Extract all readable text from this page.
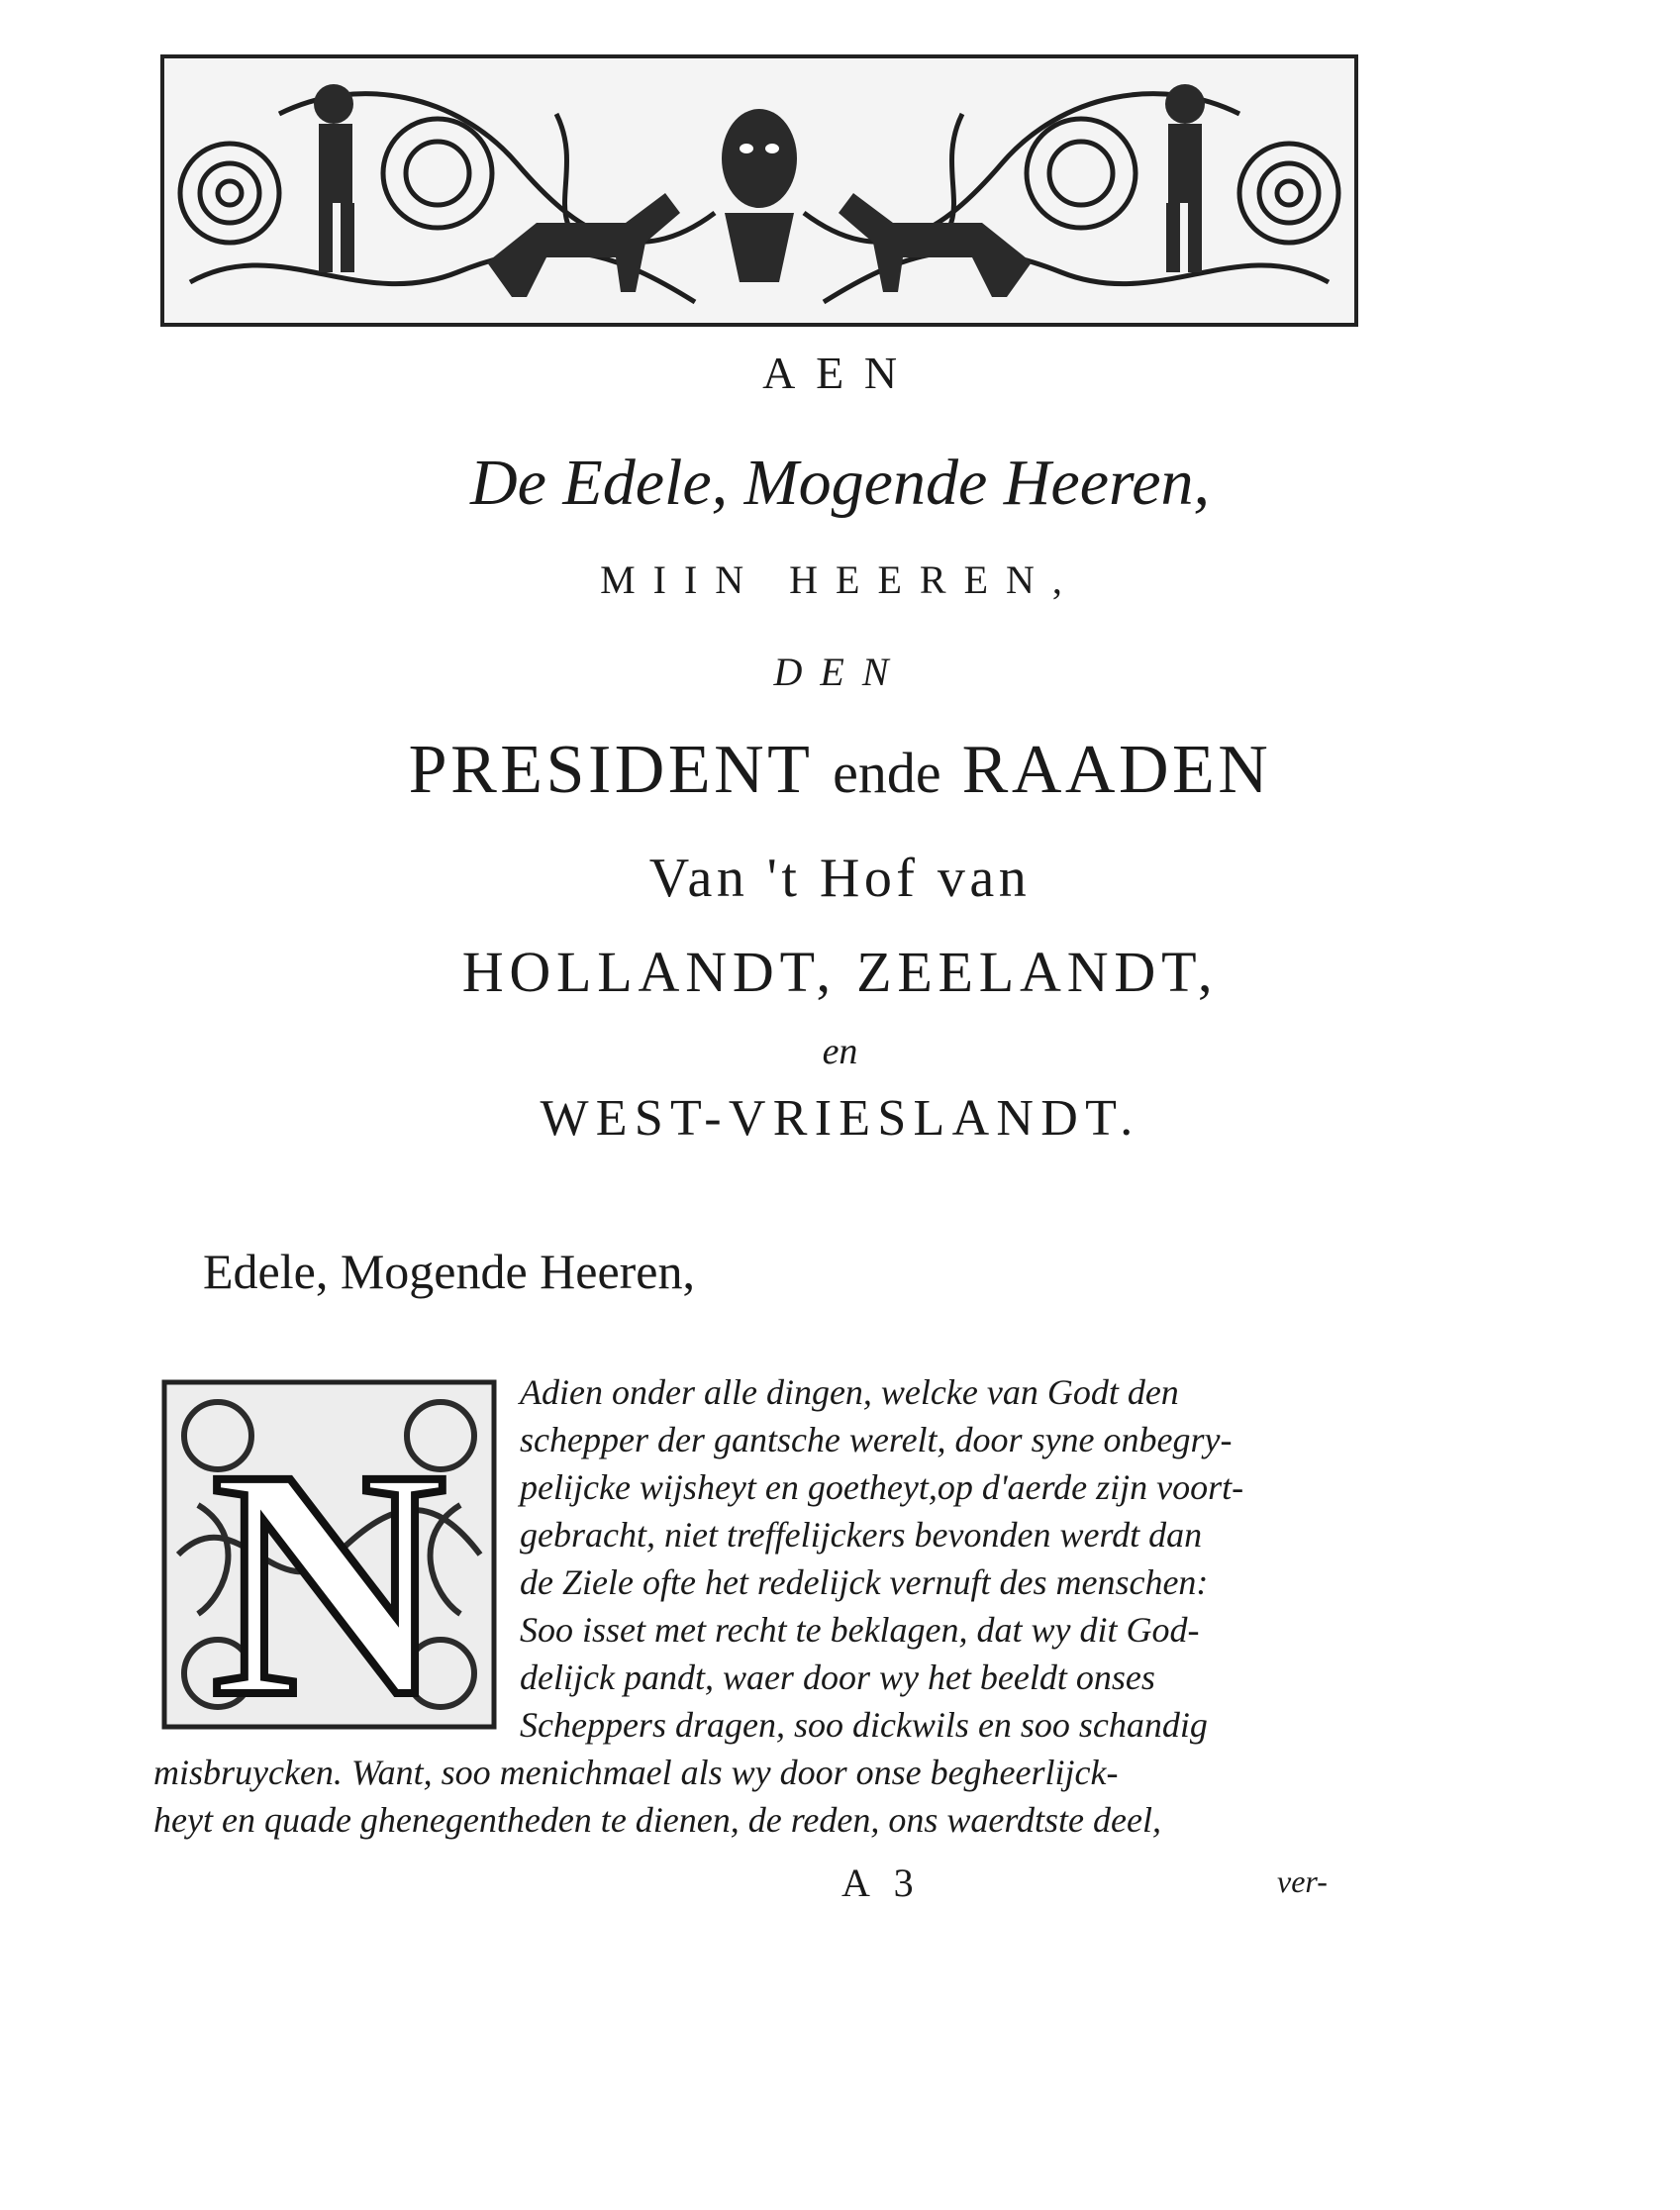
AEN
De Edele, Mogende Heeren,
MIIN HEEREN,
DEN
PRESIDENT ende RAADEN
Van 't Hof van
HOLLANDT, ZEELANDT,
en
WEST-VRIESLANDT.
Edele, Mogende Heeren,
N
Adien onder alle dingen, welcke van Godt den
schepper der gantsche werelt, door syne onbegry-
pelijcke wijsheyt en goetheyt,op d'aerde zijn voort-
gebracht, niet treffelijckers bevonden werdt dan
de Ziele ofte het redelijck vernuft des menschen:
Soo isset met recht te beklagen, dat wy dit God-
delijck pandt, waer door wy het beeldt onses
Scheppers dragen, soo dickwils en soo schandig
misbruycken. Want, soo menichmael als wy door onse begheerlijck-
heyt en quade ghenegentheden te dienen, de reden, ons waerdtste deel,
A 3	ver-
